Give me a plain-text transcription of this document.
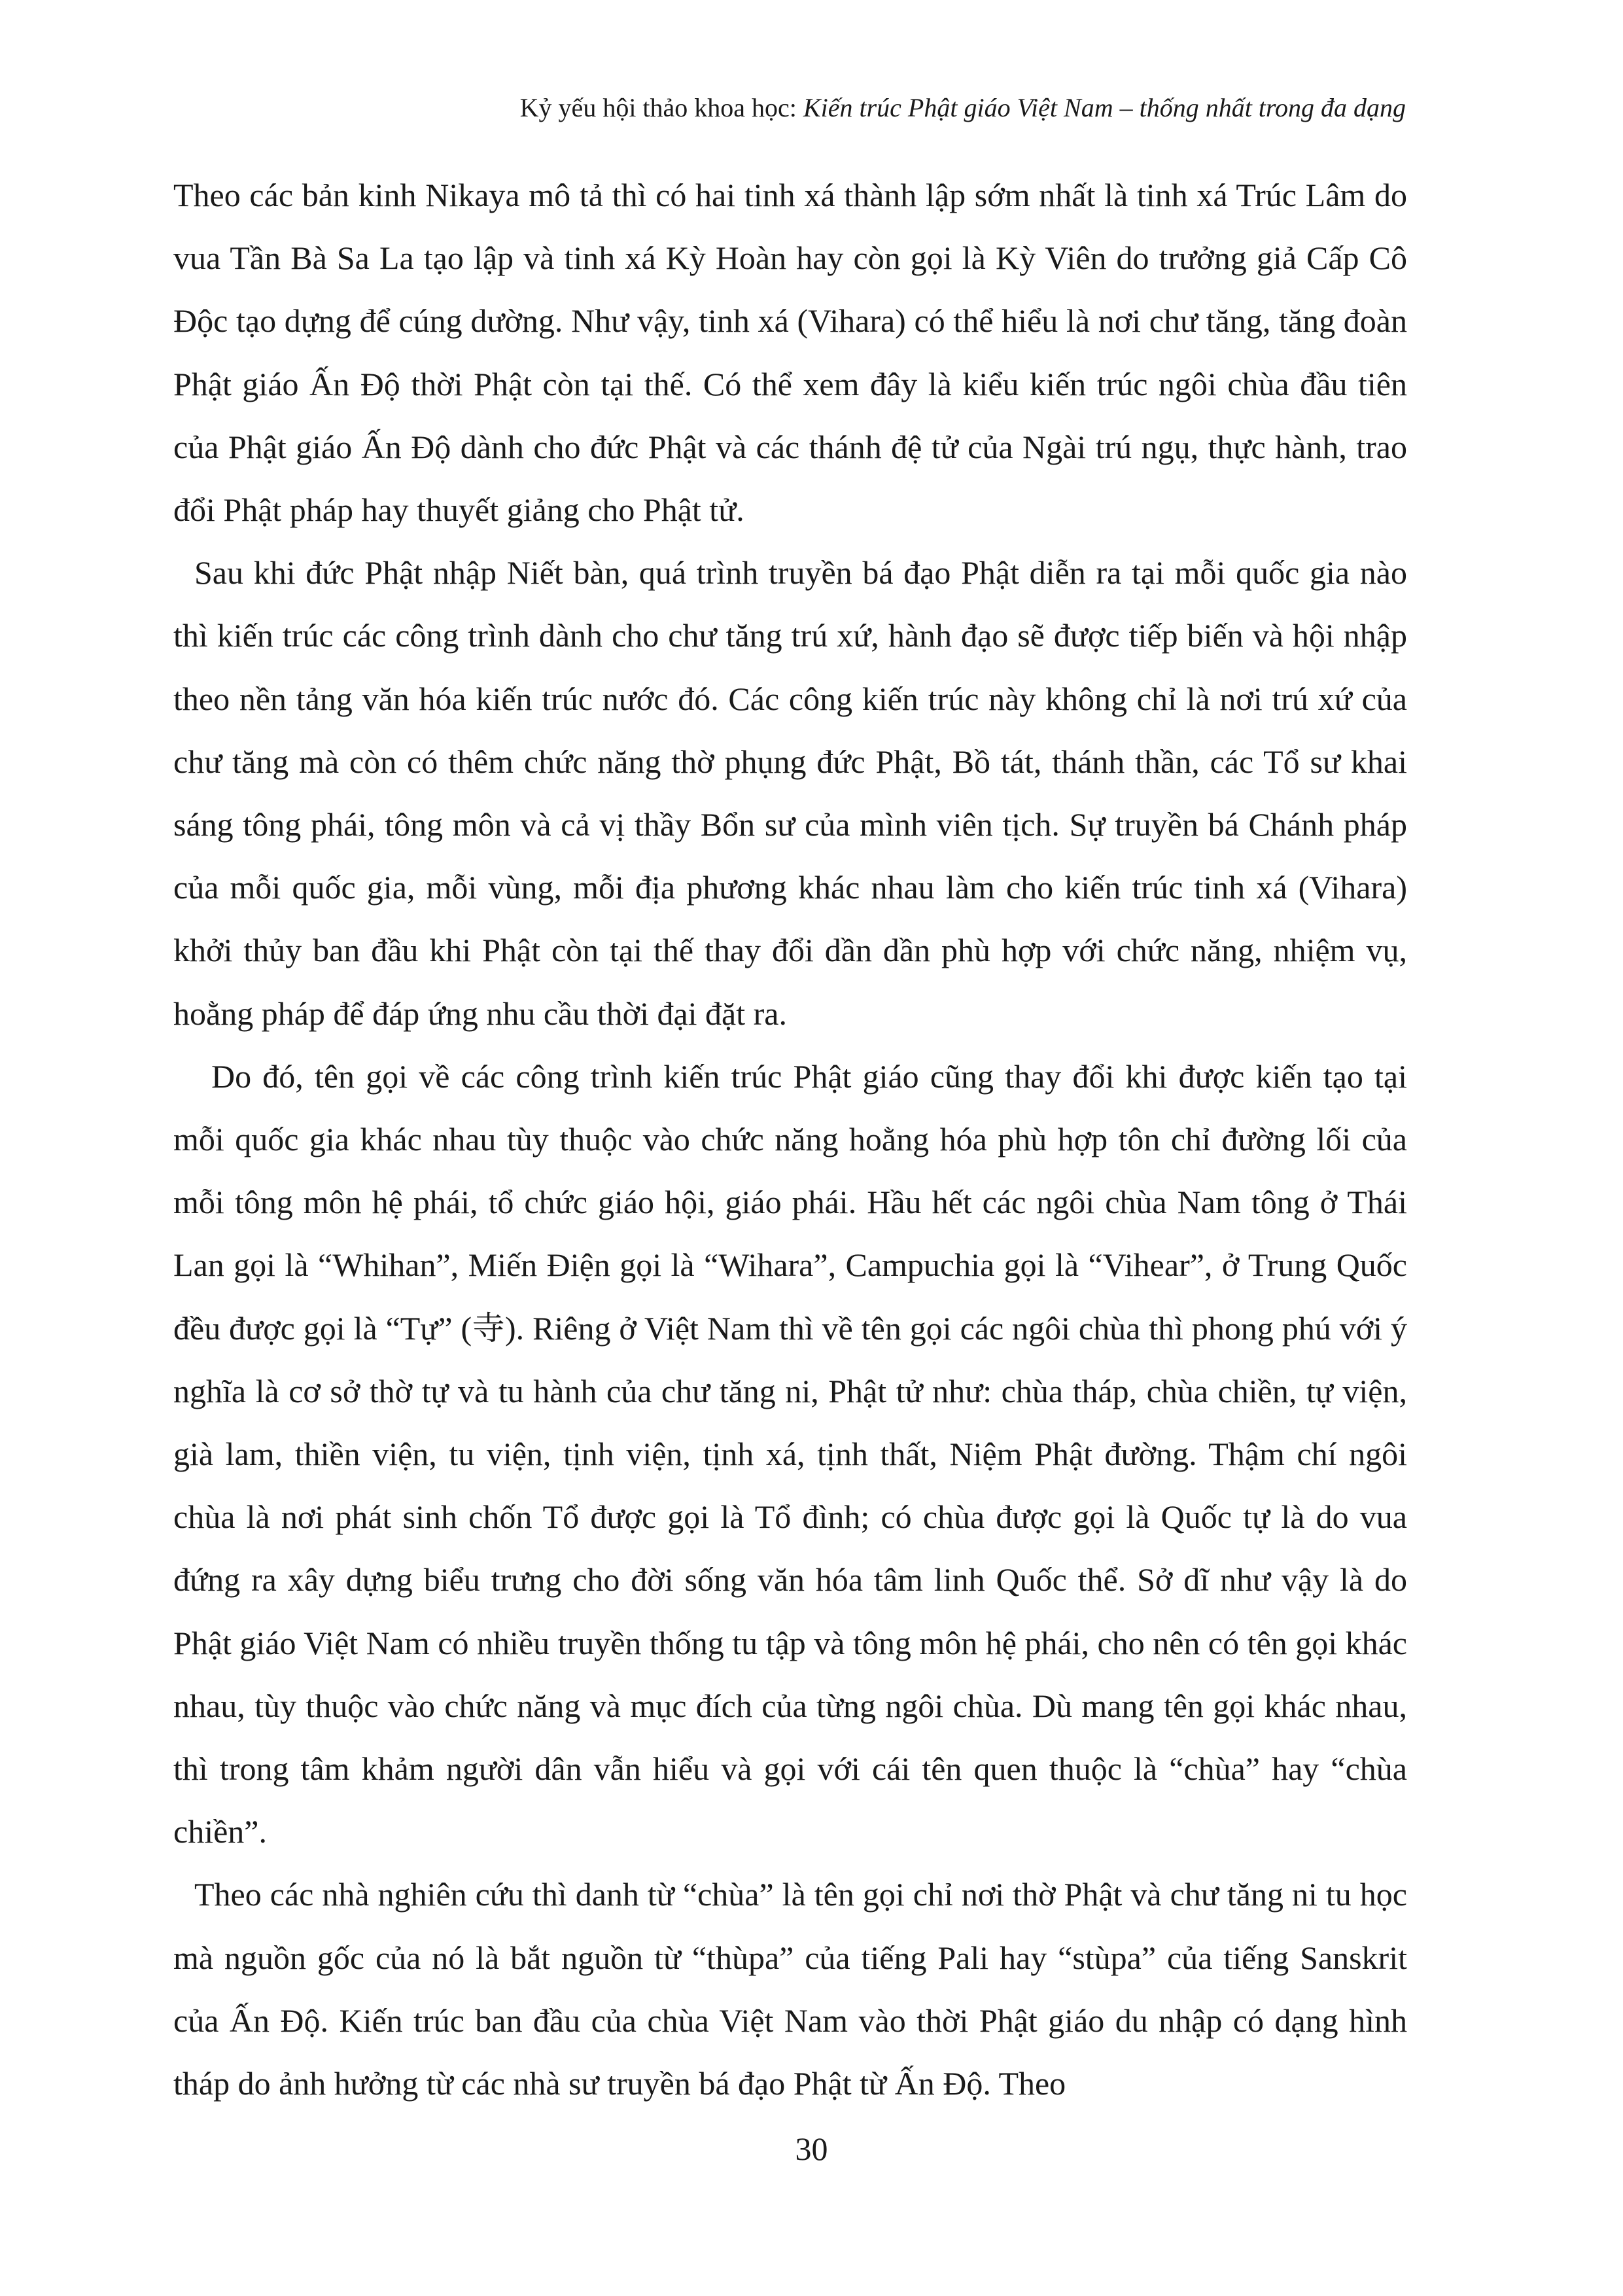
Kỷ yếu hội thảo khoa học: Kiến trúc Phật giáo Việt Nam – thống nhất trong đa dạng

Theo các bản kinh Nikaya mô tả thì có hai tinh xá thành lập sớm nhất là tinh xá Trúc Lâm do vua Tần Bà Sa La tạo lập và tinh xá Kỳ Hoàn hay còn gọi là Kỳ Viên do trưởng giả Cấp Cô Độc tạo dựng để cúng dường. Như vậy, tinh xá (Vihara) có thể hiểu là nơi chư tăng, tăng đoàn Phật giáo Ấn Độ thời Phật còn tại thế. Có thể xem đây là kiểu kiến trúc ngôi chùa đầu tiên của Phật giáo Ấn Độ dành cho đức Phật và các thánh đệ tử của Ngài trú ngụ, thực hành, trao đổi Phật pháp hay thuyết giảng cho Phật tử.

Sau khi đức Phật nhập Niết bàn, quá trình truyền bá đạo Phật diễn ra tại mỗi quốc gia nào thì kiến trúc các công trình dành cho chư tăng trú xứ, hành đạo sẽ được tiếp biến và hội nhập theo nền tảng văn hóa kiến trúc nước đó. Các công kiến trúc này không chỉ là nơi trú xứ của chư tăng mà còn có thêm chức năng thờ phụng đức Phật, Bồ tát, thánh thần, các Tổ sư khai sáng tông phái, tông môn và cả vị thầy Bổn sư của mình viên tịch. Sự truyền bá Chánh pháp của mỗi quốc gia, mỗi vùng, mỗi địa phương khác nhau làm cho kiến trúc tinh xá (Vihara) khởi thủy ban đầu khi Phật còn tại thế thay đổi dần dần phù hợp với chức năng, nhiệm vụ, hoằng pháp để đáp ứng nhu cầu thời đại đặt ra.

Do đó, tên gọi về các công trình kiến trúc Phật giáo cũng thay đổi khi được kiến tạo tại mỗi quốc gia khác nhau tùy thuộc vào chức năng hoằng hóa phù hợp tôn chỉ đường lối của mỗi tông môn hệ phái, tổ chức giáo hội, giáo phái. Hầu hết các ngôi chùa Nam tông ở Thái Lan gọi là “Whihan”, Miến Điện gọi là “Wihara”, Campuchia gọi là “Vihear”, ở Trung Quốc đều được gọi là “Tự” (寺). Riêng ở Việt Nam thì về tên gọi các ngôi chùa thì phong phú với ý nghĩa là cơ sở thờ tự và tu hành của chư tăng ni, Phật tử như: chùa tháp, chùa chiền, tự viện, già lam, thiền viện, tu viện, tịnh viện, tịnh xá, tịnh thất, Niệm Phật đường. Thậm chí ngôi chùa là nơi phát sinh chốn Tổ được gọi là Tổ đình; có chùa được gọi là Quốc tự là do vua đứng ra xây dựng biểu trưng cho đời sống văn hóa tâm linh Quốc thể. Sở dĩ như vậy là do Phật giáo Việt Nam có nhiều truyền thống tu tập và tông môn hệ phái, cho nên có tên gọi khác nhau, tùy thuộc vào chức năng và mục đích của từng ngôi chùa. Dù mang tên gọi khác nhau, thì trong tâm khảm người dân vẫn hiểu và gọi với cái tên quen thuộc là “chùa” hay “chùa chiền”.

Theo các nhà nghiên cứu thì danh từ “chùa” là tên gọi chỉ nơi thờ Phật và chư tăng ni tu học mà nguồn gốc của nó là bắt nguồn từ “thùpa” của tiếng Pali hay “stùpa” của tiếng Sanskrit của Ấn Độ. Kiến trúc ban đầu của chùa Việt Nam vào thời Phật giáo du nhập có dạng hình tháp do ảnh hưởng từ các nhà sư truyền bá đạo Phật từ Ấn Độ. Theo

30
